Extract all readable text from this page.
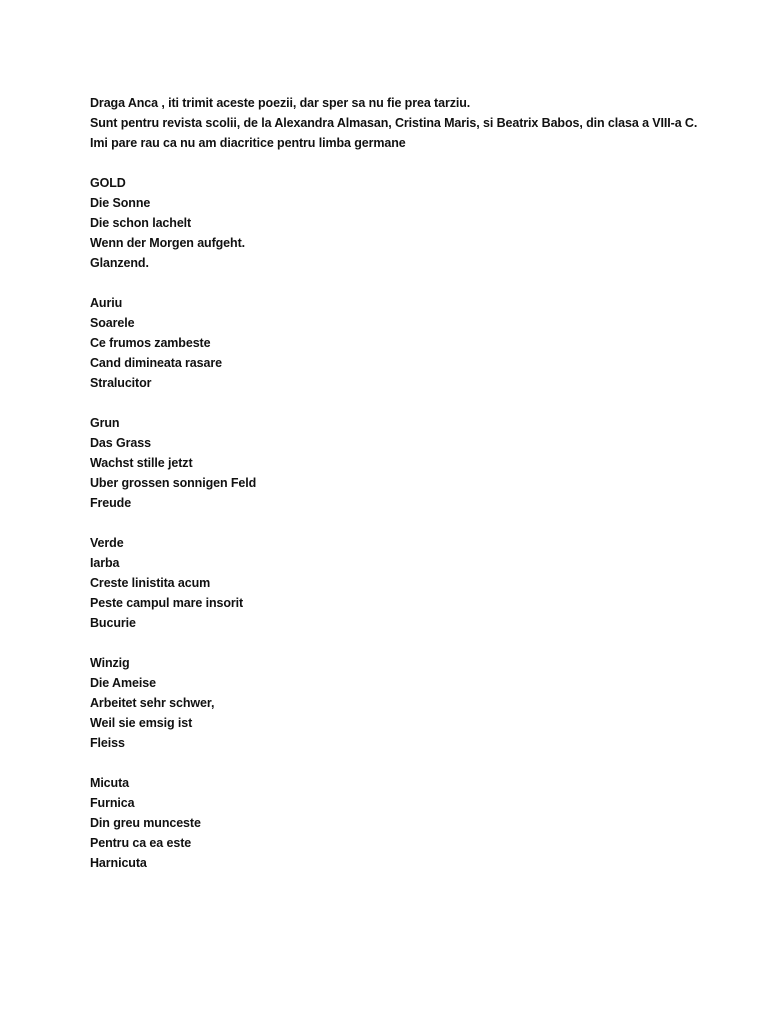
Draga Anca , iti trimit aceste poezii, dar sper sa nu fie prea tarziu.
Sunt pentru revista scolii, de la Alexandra Almasan, Cristina Maris, si Beatrix Babos, din clasa a VIII-a C.
Imi pare rau ca nu am diacritice pentru limba germane
GOLD
Die Sonne
Die schon lachelt
Wenn der Morgen aufgeht.
Glanzend.
Auriu
Soarele
Ce frumos zambeste
Cand dimineata rasare
Stralucitor
Grun
Das Grass
Wachst stille jetzt
Uber grossen sonnigen Feld
Freude
Verde
Iarba
Creste linistita acum
Peste campul mare insorit
Bucurie
Winzig
Die Ameise
Arbeitet sehr schwer,
Weil sie emsig ist
Fleiss
Micuta
Furnica
Din greu munceste
Pentru ca ea este
Harnicuta
